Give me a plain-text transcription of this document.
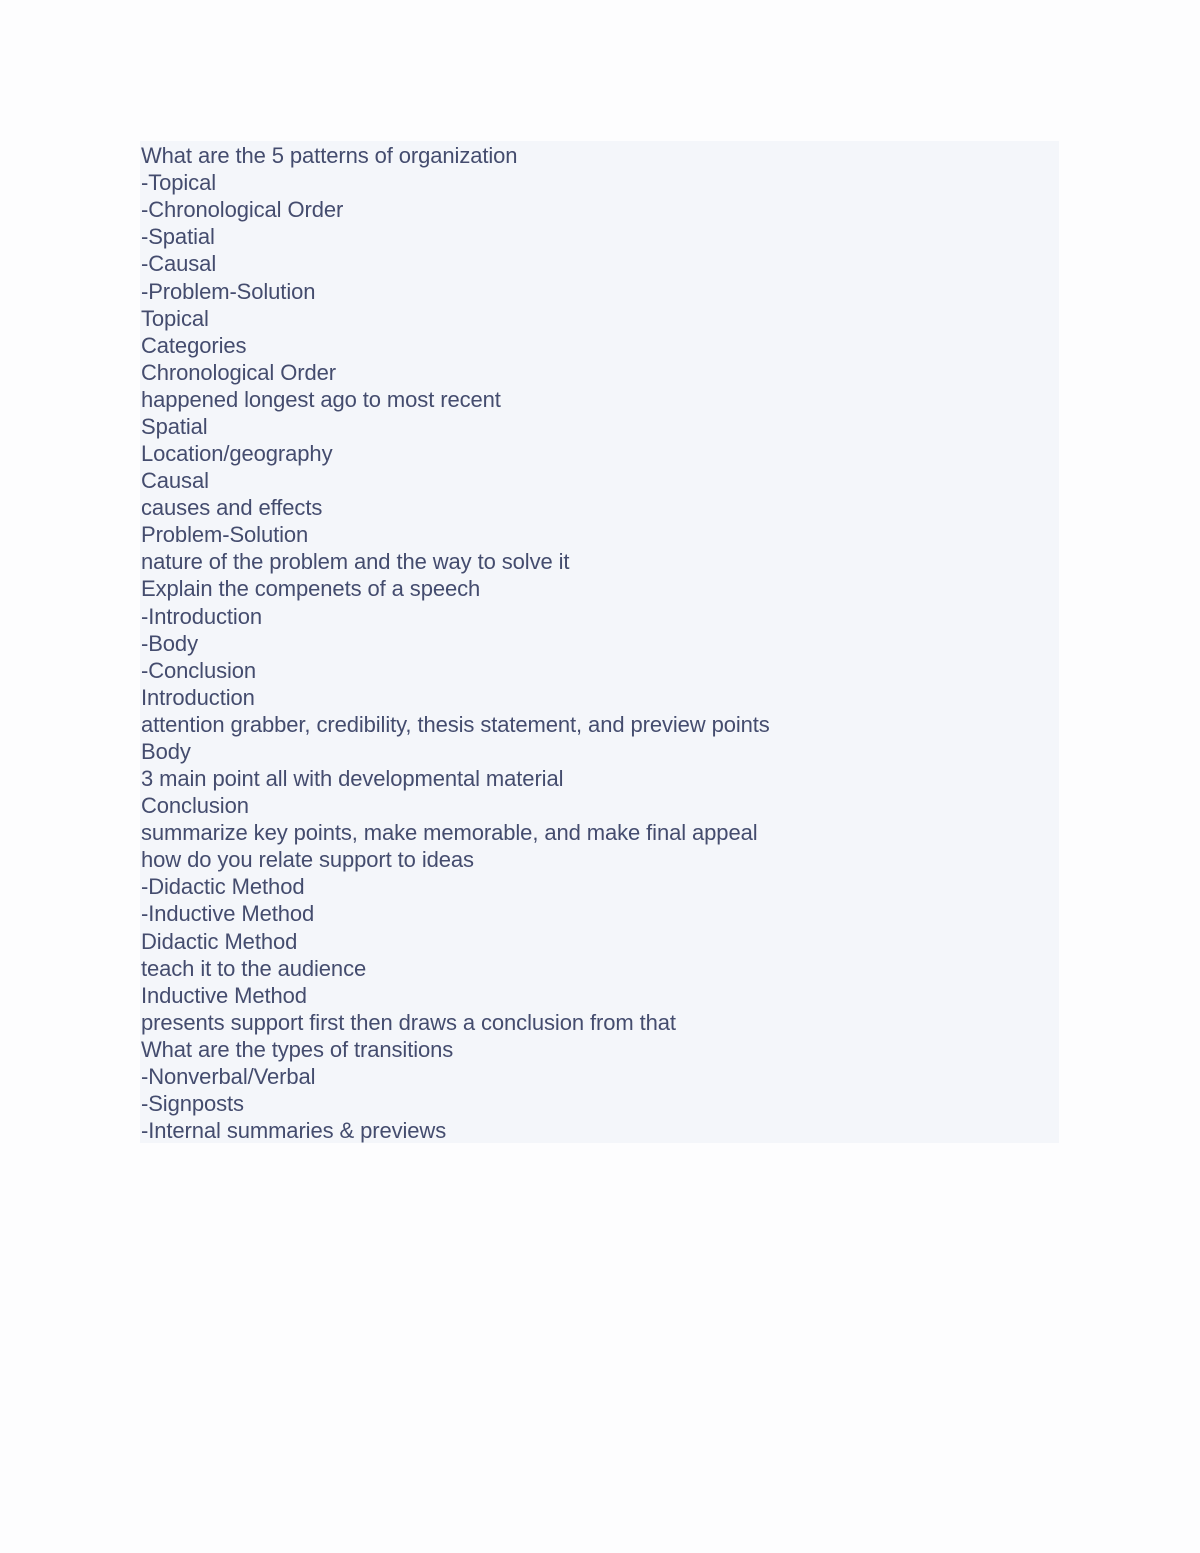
What are the 5 patterns of organization
-Topical
-Chronological Order
-Spatial
-Causal
-Problem-Solution
Topical
Categories
Chronological Order
happened longest ago to most recent
Spatial
Location/geography
Causal
causes and effects
Problem-Solution
nature of the problem and the way to solve it
Explain the compenets of a speech
-Introduction
-Body
-Conclusion
Introduction
attention grabber, credibility, thesis statement, and preview points
Body
3 main point all with developmental material
Conclusion
summarize key points, make memorable, and make final appeal
how do you relate support to ideas
-Didactic Method
-Inductive Method
Didactic Method
teach it to the audience
Inductive Method
presents support first then draws a conclusion from that
What are the types of transitions
-Nonverbal/Verbal
-Signposts
-Internal summaries & previews
